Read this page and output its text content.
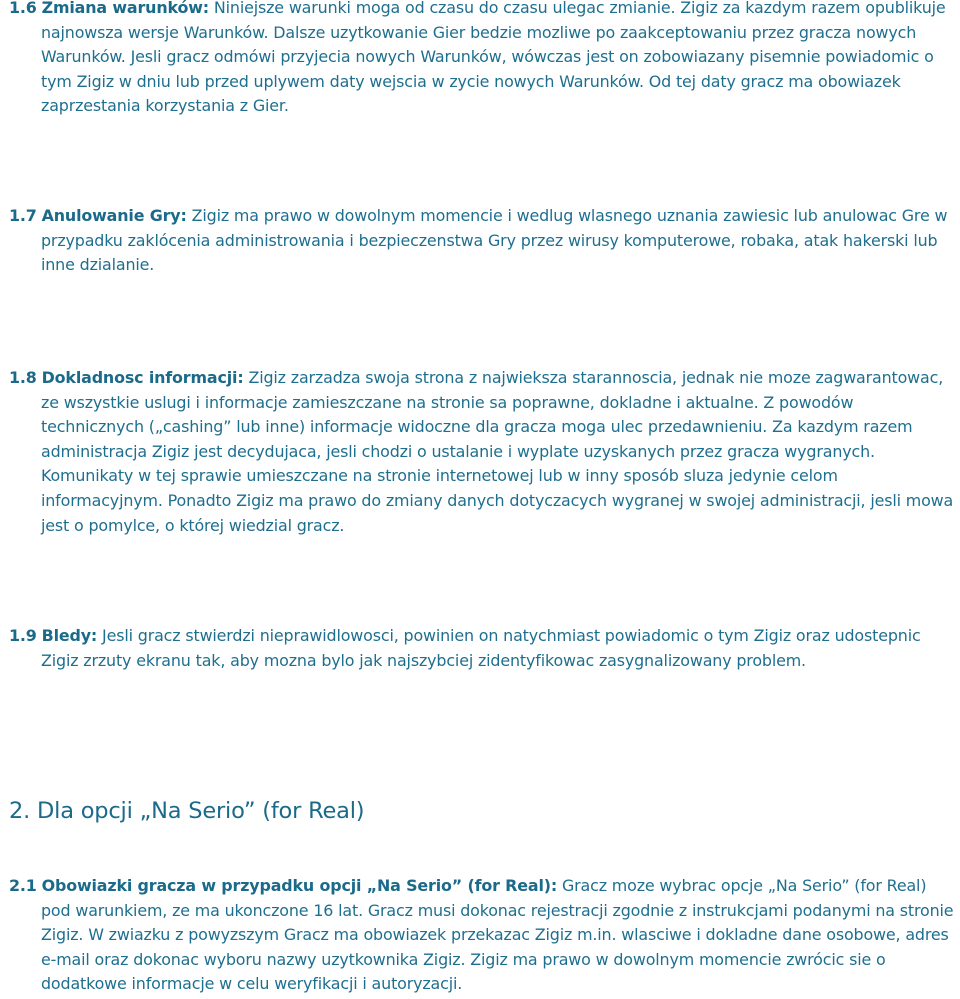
1.6 Zmiana warunków: Niniejsze warunki moga od czasu do czasu ulegac zmianie. Zigiz za kazdym razem opublikuje najnowsza wersje Warunków. Dalsze uzytkowanie Gier bedzie mozliwe po zaakceptowaniu przez gracza nowych Warunków. Jesli gracz odmówi przyjecia nowych Warunków, wówczas jest on zobowiazany pisemnie powiadomic o tym Zigiz w dniu lub przed uplywem daty wejscia w zycie nowych Warunków. Od tej daty gracz ma obowiazek zaprzestania korzystania z Gier.

1.7 Anulowanie Gry: Zigiz ma prawo w dowolnym momencie i wedlug wlasnego uznania zawiesic lub anulowac Gre w przypadku zaklócenia administrowania i bezpieczenstwa Gry przez wirusy komputerowe, robaka, atak hakerski lub inne dzialanie.

1.8 Dokladnosc informacji: Zigiz zarzadza swoja strona z najwieksza starannoscia, jednak nie moze zagwarantowac, ze wszystkie uslugi i informacje zamieszczane na stronie sa poprawne, dokladne i aktualne. Z powodów technicznych („cashing” lub inne) informacje widoczne dla gracza moga ulec przedawnieniu. Za kazdym razem administracja Zigiz jest decydujaca, jesli chodzi o ustalanie i wyplate uzyskanych przez gracza wygranych. Komunikaty w tej sprawie umieszczane na stronie internetowej lub w inny sposób sluza jedynie celom informacyjnym. Ponadto Zigiz ma prawo do zmiany danych dotyczacych wygranej w swojej administracji, jesli mowa jest o pomylce, o której wiedzial gracz.

1.9 Bledy: Jesli gracz stwierdzi nieprawidlowosci, powinien on natychmiast powiadomic o tym Zigiz oraz udostepnic Zigiz zrzuty ekranu tak, aby mozna bylo jak najszybciej zidentyfikowac zasygnalizowany problem.

2. Dla opcji „Na Serio” (for Real)

2.1 Obowiazki gracza w przypadku opcji „Na Serio” (for Real): Gracz moze wybrac opcje „Na Serio” (for Real) pod warunkiem, ze ma ukonczone 16 lat. Gracz musi dokonac rejestracji zgodnie z instrukcjami podanymi na stronie Zigiz. W zwiazku z powyzszym Gracz ma obowiazek przekazac Zigiz m.in. wlasciwe i dokladne dane osobowe, adres e-mail oraz dokonac wyboru nazwy uzytkownika Zigiz. Zigiz ma prawo w dowolnym momencie zwrócic sie o dodatkowe informacje w celu weryfikacji i autoryzacji.
